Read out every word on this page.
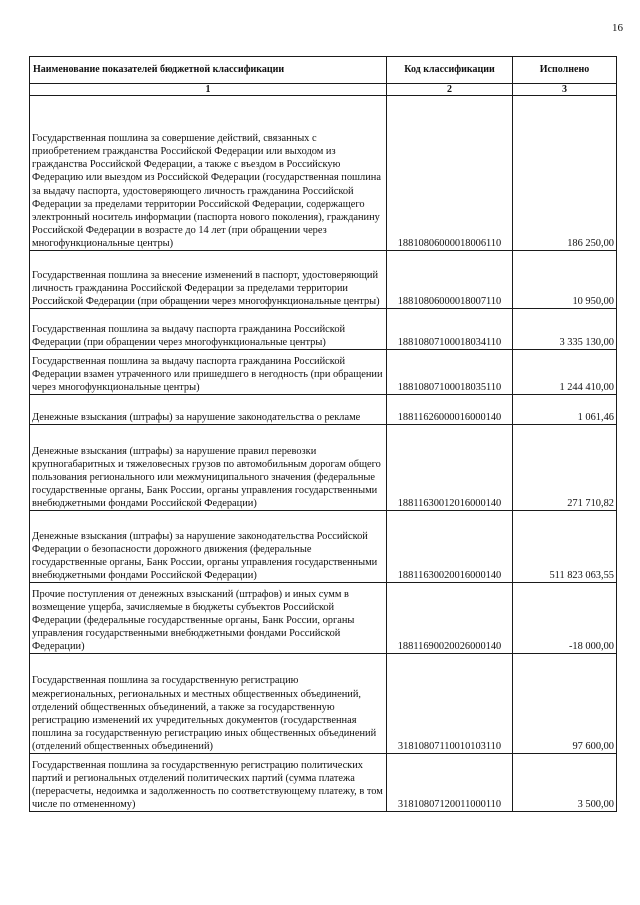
16
Наименование показателей бюджетной классификации	Код классификации	Исполнено
1	2	3
Государственная пошлина за совершение действий, связанных с приобретением гражданства Российской Федерации или выходом из гражданства Российской Федерации, а также с въездом в Российскую Федерацию или выездом из Российской Федерации (государственная пошлина за выдачу паспорта, удостоверяющего личность гражданина Российской Федерации за пределами территории Российской Федерации, содержащего электронный носитель информации (паспорта нового поколения), гражданину Российской Федерации в возрасте до 14 лет (при обращении через многофункциональные центры)	18810806000018006110	186 250,00
Государственная пошлина за внесение изменений в паспорт, удостоверяющий личность гражданина Российской Федерации за пределами территории Российской Федерации (при обращении через многофункциональные центры)	18810806000018007110	10 950,00
Государственная пошлина за выдачу паспорта гражданина Российской Федерации (при обращении через многофункциональные центры)	18810807100018034110	3 335 130,00
Государственная пошлина за выдачу паспорта гражданина Российской Федерации взамен утраченного или пришедшего в негодность (при обращении через многофункциональные центры)	18810807100018035110	1 244 410,00
Денежные взыскания (штрафы) за нарушение законодательства о рекламе	18811626000016000140	1 061,46
Денежные взыскания (штрафы) за нарушение правил перевозки крупногабаритных и тяжеловесных грузов по автомобильным дорогам общего пользования регионального или межмуниципального значения (федеральные государственные органы, Банк России, органы управления государственными внебюджетными фондами Российской Федерации)	18811630012016000140	271 710,82
Денежные взыскания (штрафы) за нарушение законодательства Российской Федерации о безопасности дорожного движения (федеральные государственные органы, Банк России, органы управления государственными внебюджетными фондами Российской Федерации)	18811630020016000140	511 823 063,55
Прочие поступления от денежных взысканий (штрафов) и иных сумм в возмещение ущерба, зачисляемые в бюджеты субъектов Российской Федерации (федеральные государственные органы, Банк России, органы управления государственными внебюджетными фондами Российской Федерации)	18811690020026000140	-18 000,00
Государственная пошлина за государственную регистрацию межрегиональных, региональных и местных общественных объединений, отделений общественных объединений, а также за государственную регистрацию изменений их учредительных документов (государственная пошлина за государственную регистрацию иных общественных объединений (отделений общественных объединений)	31810807110010103110	97 600,00
Государственная пошлина за государственную регистрацию политических партий и региональных отделений политических партий (сумма платежа (перерасчеты, недоимка и задолженность по соответствующему платежу, в том числе по отмененному)	31810807120011000110	3 500,00
